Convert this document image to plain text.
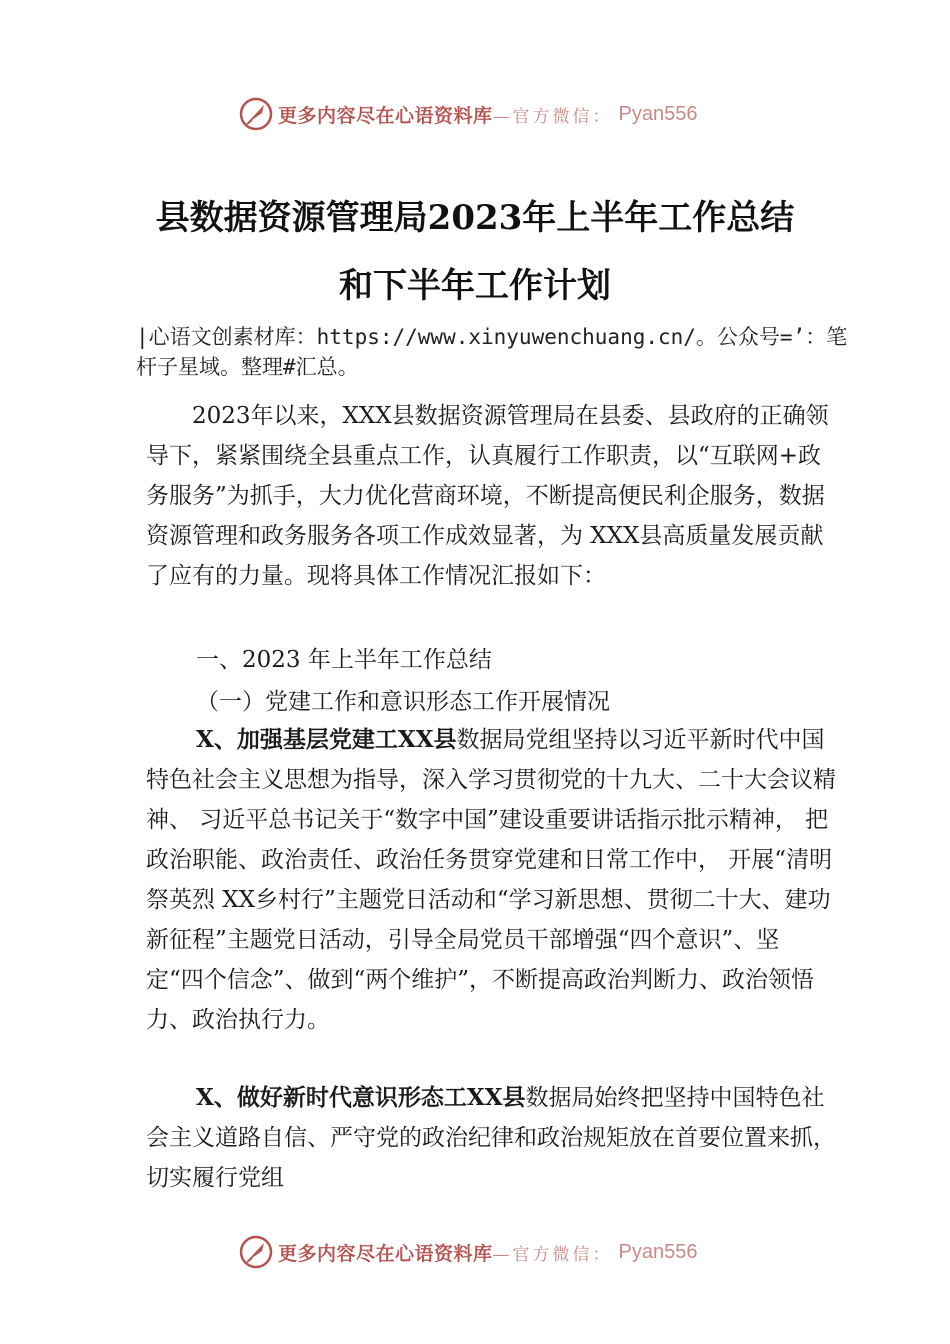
更多内容尽在心语资料库 —官方微信： Pyan556
县数据资源管理局2023年上半年工作总结
和下半年工作计划
|心语文创素材库：https://www.xinyuwenchuang.cn/。公众号=’：笔杆子星域。整理#汇总。
2023年以来，XXX县数据资源管理局在县委、县政府的正确领导下，紧紧围绕全县重点工作，认真履行工作职责，以“互联网+政务服务”为抓手，大力优化营商环境，不断提高便民利企服务，数据资源管理和政务服务各项工作成效显著，为 XXX县高质量发展贡献了应有的力量。现将具体工作情况汇报如下：
一、2023 年上半年工作总结
（一）党建工作和意识形态工作开展情况
X、加强基层党建工XX县数据局党组坚持以习近平新时代中国特色社会主义思想为指导，深入学习贯彻党的十九大、二十大会议精神、 习近平总书记关于“数字中国”建设重要讲话指示批示精神， 把政治职能、政治责任、政治任务贯穿党建和日常工作中， 开展“清明祭英烈 XX乡村行”主题党日活动和“学习新思想、贯彻二十大、建功新征程”主题党日活动，引导全局党员干部增强“四个意识”、坚定“四个信念”、做到“两个维护”，不断提高政治判断力、政治领悟力、政治执行力。
X、做好新时代意识形态工XX县数据局始终把坚持中国特色社会主义道路自信、严守党的政治纪律和政治规矩放在首要位置来抓，切实履行党组
更多内容尽在心语资料库 —官方微信： Pyan556
